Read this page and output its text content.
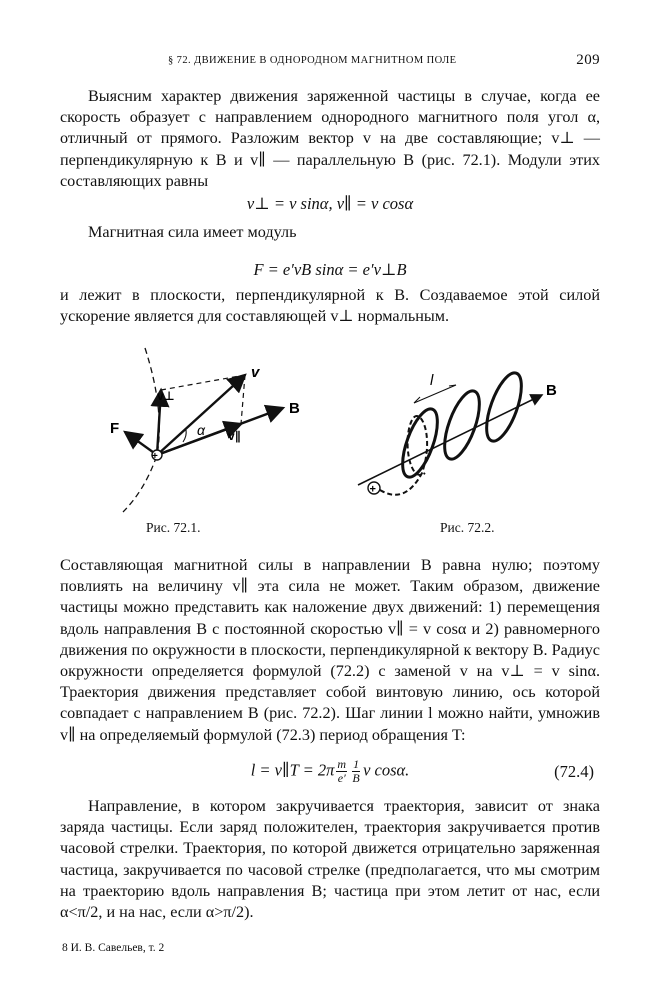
§ 72. ДВИЖЕНИЕ В ОДНОРОДНОМ МАГНИТНОМ ПОЛЕ	209

Выясним характер движения заряженной частицы в случае, когда ее скорость образует с направлением однородного магнитного поля угол α, отличный от прямого. Разложим вектор v на две составляющие; v⊥ — перпендикулярную к B и v∥ — параллельную B (рис. 72.1). Модули этих составляющих равны

v⊥ = v sinα, v∥ = v cosα

Магнитная сила имеет модуль

F = e′vB sinα = e′v⊥B

и лежит в плоскости, перпендикулярной к B. Создаваемое этой силой ускорение является для составляющей v⊥ нормальным.

+
v
B
v∥
v⊥
F	α
Рис. 72.1.
l
B
+
Рис. 72.2.

Составляющая магнитной силы в направлении B равна нулю; поэтому повлиять на величину v∥ эта сила не может. Таким образом, движение частицы можно представить как наложение двух движений: 1) перемещения вдоль направления B с постоянной скоростью v∥ = v cosα и 2) равномерного движения по окружности в плоскости, перпендикулярной к вектору B. Радиус окружности определяется формулой (72.2) с заменой v на v⊥ = v sinα. Траектория движения представляет собой винтовую линию, ось которой совпадает с направлением B (рис. 72.2). Шаг линии l можно найти, умножив v∥ на определяемый формулой (72.3) период обращения T:

l = v∥T = $2\pi \frac{m}{e'} \frac{1}{B}$ v cosα.	(72.4)

Направление, в котором закручивается траектория, зависит от знака заряда частицы. Если заряд положителен, траектория закручивается против часовой стрелки. Траектория, по которой движется отрицательно заряженная частица, закручивается по часовой стрелке (предполагается, что мы смотрим на траекторию вдоль направления B; частица при этом летит от нас, если α<π/2, и на нас, если α>π/2).

8 И. В. Савельев, т. 2
